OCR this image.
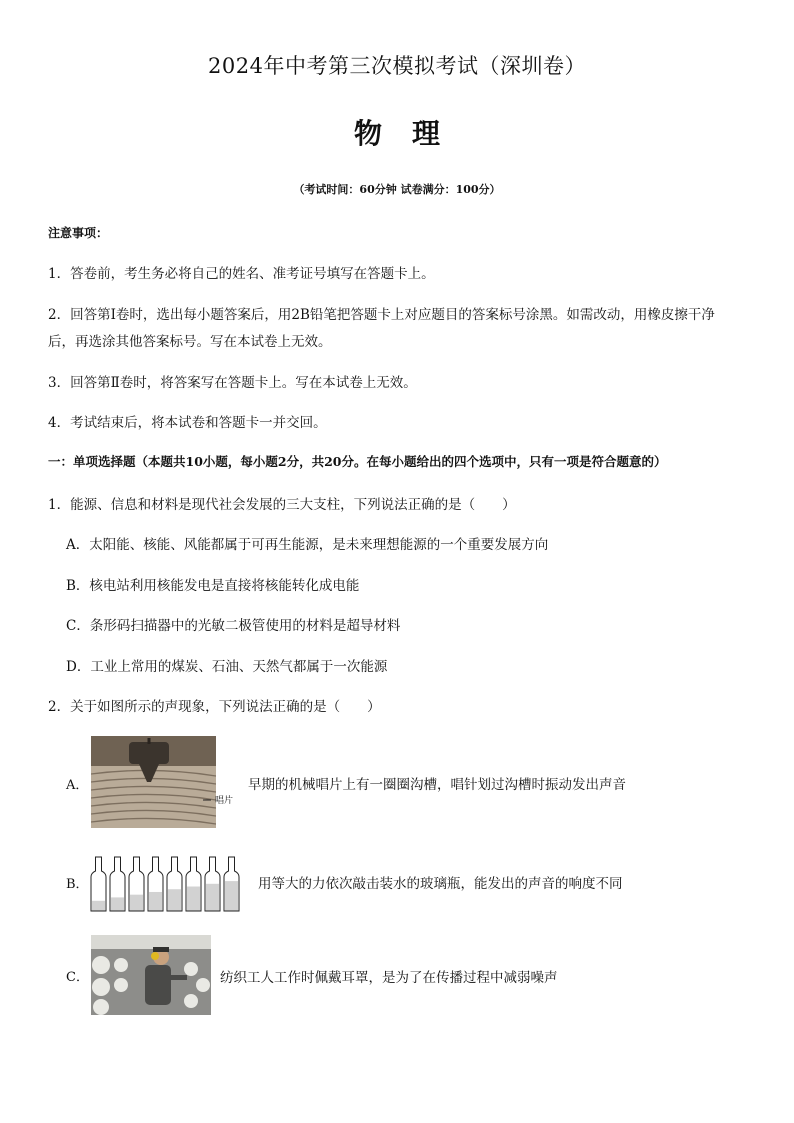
2024年中考第三次模拟考试（深圳卷）
物理
（考试时间：60分钟 试卷满分：100分）
注意事项：
1．答卷前，考生务必将自己的姓名、准考证号填写在答题卡上。
2．回答第Ⅰ卷时，选出每小题答案后，用2B铅笔把答题卡上对应题目的答案标号涂黑。如需改动，用橡皮擦干净
后，再选涂其他答案标号。写在本试卷上无效。
3．回答第Ⅱ卷时，将答案写在答题卡上。写在本试卷上无效。
4．考试结束后，将本试卷和答题卡一并交回。
一：单项选择题（本题共10小题，每小题2分，共20分。在每小题给出的四个选项中，只有一项是符合题意的）
1．能源、信息和材料是现代社会发展的三大支柱，下列说法正确的是（　　）
A．太阳能、核能、风能都属于可再生能源，是未来理想能源的一个重要发展方向
B．核电站利用核能发电是直接将核能转化成电能
C．条形码扫描器中的光敏二极管使用的材料是超导材料
D．工业上常用的煤炭、石油、天然气都属于一次能源
2．关于如图所示的声现象，下列说法正确的是（　　）
A．
唱片
早期的机械唱片上有一圈圈沟槽，唱针划过沟槽时振动发出声音
B．	用等大的力依次敲击装水的玻璃瓶，能发出的声音的响度不同
C．	纺织工人工作时佩戴耳罩，是为了在传播过程中减弱噪声
